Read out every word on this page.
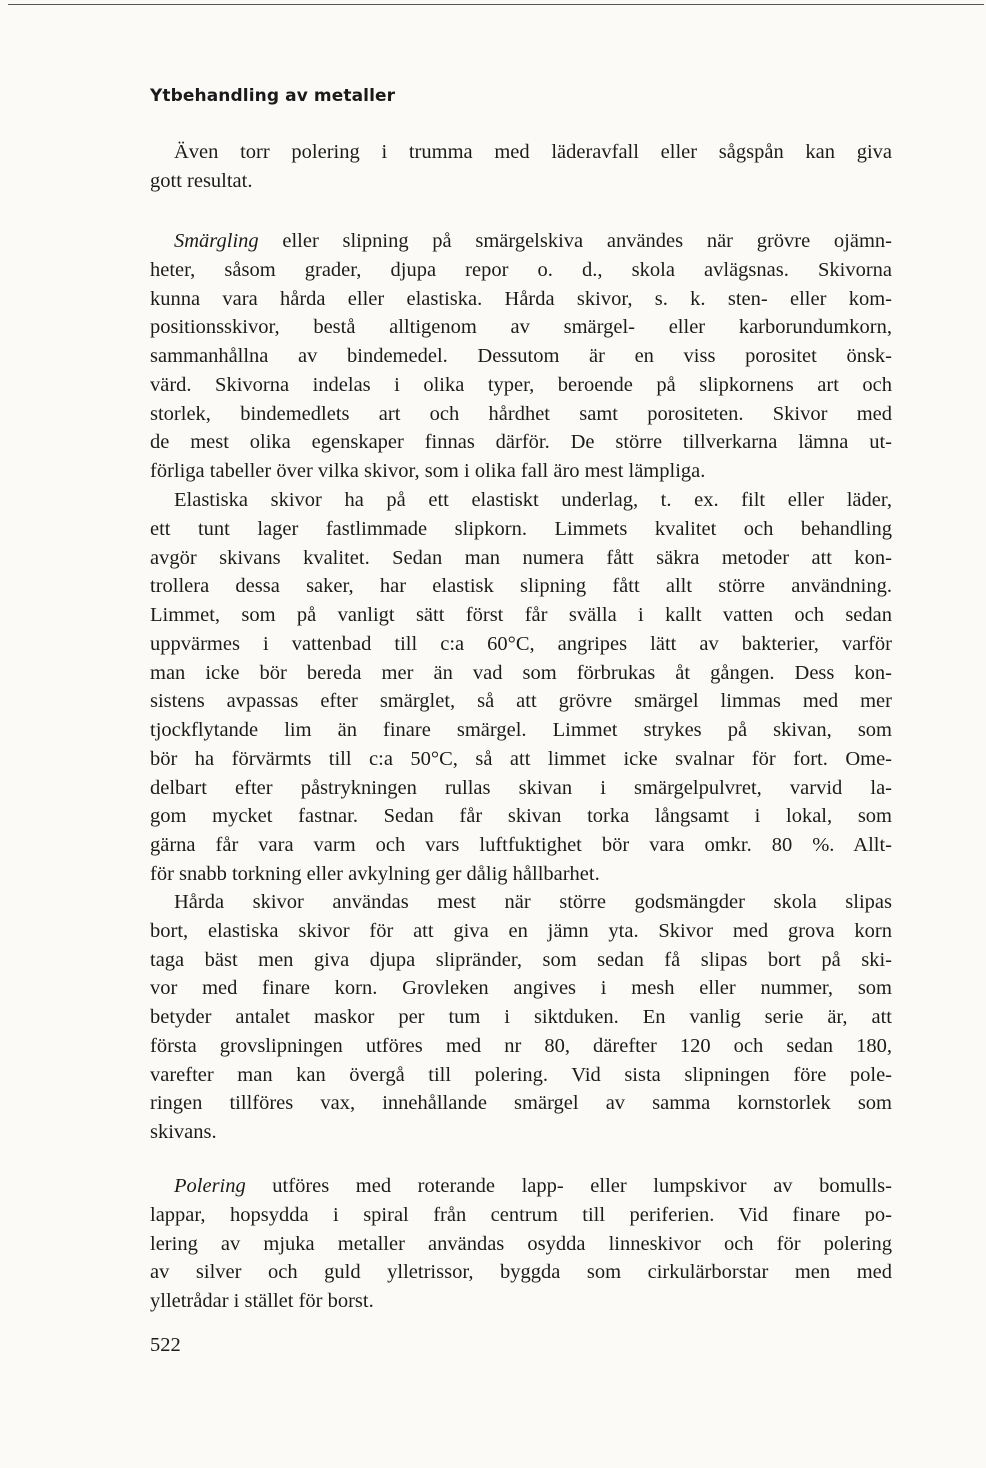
Ytbehandling av metaller

Även torr polering i trumma med läderavfall eller sågspån kan giva
gott resultat.

Smärgling eller slipning på smärgelskiva användes när grövre ojämn-
heter, såsom grader, djupa repor o. d., skola avlägsnas. Skivorna
kunna vara hårda eller elastiska. Hårda skivor, s. k. sten- eller kom-
positionsskivor, bestå alltigenom av smärgel- eller karborundumkorn,
sammanhållna av bindemedel. Dessutom är en viss porositet önsk-
värd. Skivorna indelas i olika typer, beroende på slipkornens art och
storlek, bindemedlets art och hårdhet samt porositeten. Skivor med
de mest olika egenskaper finnas därför. De större tillverkarna lämna ut-
förliga tabeller över vilka skivor, som i olika fall äro mest lämpliga.

Elastiska skivor ha på ett elastiskt underlag, t. ex. filt eller läder,
ett tunt lager fastlimmade slipkorn. Limmets kvalitet och behandling
avgör skivans kvalitet. Sedan man numera fått säkra metoder att kon-
trollera dessa saker, har elastisk slipning fått allt större användning.
Limmet, som på vanligt sätt först får svälla i kallt vatten och sedan
uppvärmes i vattenbad till c:a 60°C, angripes lätt av bakterier, varför
man icke bör bereda mer än vad som förbrukas åt gången. Dess kon-
sistens avpassas efter smärglet, så att grövre smärgel limmas med mer
tjockflytande lim än finare smärgel. Limmet strykes på skivan, som
bör ha förvärmts till c:a 50°C, så att limmet icke svalnar för fort. Ome-
delbart efter påstrykningen rullas skivan i smärgelpulvret, varvid la-
gom mycket fastnar. Sedan får skivan torka långsamt i lokal, som
gärna får vara varm och vars luftfuktighet bör vara omkr. 80 %. Allt-
för snabb torkning eller avkylning ger dålig hållbarhet.

Hårda skivor användas mest när större godsmängder skola slipas
bort, elastiska skivor för att giva en jämn yta. Skivor med grova korn
taga bäst men giva djupa slipränder, som sedan få slipas bort på ski-
vor med finare korn. Grovleken angives i mesh eller nummer, som
betyder antalet maskor per tum i siktduken. En vanlig serie är, att
första grovslipningen utföres med nr 80, därefter 120 och sedan 180,
varefter man kan övergå till polering. Vid sista slipningen före pole-
ringen tillföres vax, innehållande smärgel av samma kornstorlek som
skivans.

Polering utföres med roterande lapp- eller lumpskivor av bomulls-
lappar, hopsydda i spiral från centrum till periferien. Vid finare po-
lering av mjuka metaller användas osydda linneskivor och för polering
av silver och guld ylletrissor, byggda som cirkulärborstar men med
ylletrådar i stället för borst.

522
